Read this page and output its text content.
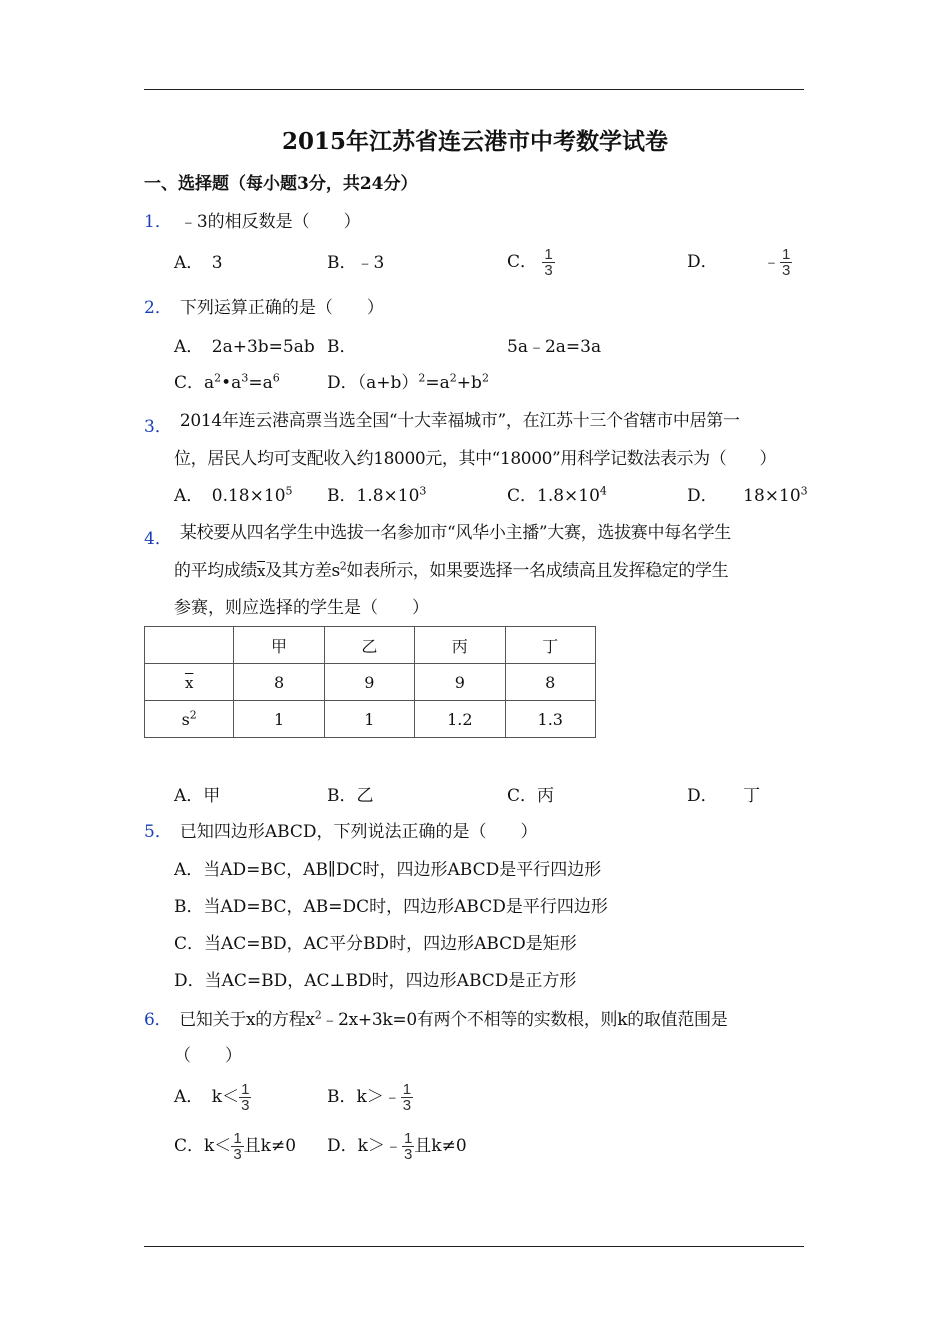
2015年江苏省连云港市中考数学试卷
一、选择题（每小题3分，共24分）
1． ﹣3的相反数是（　　）
A．　3	B．﹣3	C． $\frac{1}{3}$	D．	﹣ $\frac{1}{3}$
2． 下列运算正确的是（　　）
A．　2a+3b=5ab B．	5a﹣2a=3a
C．$a^2•a^3=a^6$	D．$(a+b)^2=a^2+b^2$
3． 2014年连云港高票当选全国“十大幸福城市”，在江苏十三个省辖市中居第一
位，居民人均可支配收入约18000元，其中“18000”用科学记数法表示为（　　）
A．　$0.18\times 10^5$ B．$1.8\times 10^3$	C．$1.8\times 10^4$	D．　　$18\times 10^3$
4． 某校要从四名学生中选拔一名参加市“风华小主播”大赛，选拔赛中每名学生
的平均成绩$\overline{x}$及其方差$s^2$如表所示，如果要选择一名成绩高且发挥稳定的学生
参赛，则应选择的学生是（　　）
	甲	乙	丙	丁
$\overline{x}$	8	9	9	8
$s^2$	1	1	1.2	1.3
A．甲	B．乙	C．丙	D．　　丁
5． 已知四边形ABCD，下列说法正确的是（　　）
A．当AD=BC，AB∥DC时，四边形ABCD是平行四边形
B．当AD=BC，AB=DC时，四边形ABCD是平行四边形
C．当AC=BD，AC平分BD时，四边形ABCD是矩形
D．当AC=BD，AC⊥BD时，四边形ABCD是正方形
6． 已知关于x的方程$x^2﹣2x+3k=0$有两个不相等的实数根，则k的取值范围是
（　　）
A．　$k< \frac{1}{3}$	B．k＞﹣ $\frac{1}{3}$
C．$k< \frac{1}{3}$ 且k≠0 D．k＞﹣ $\frac{1}{3}$ 且k≠0
